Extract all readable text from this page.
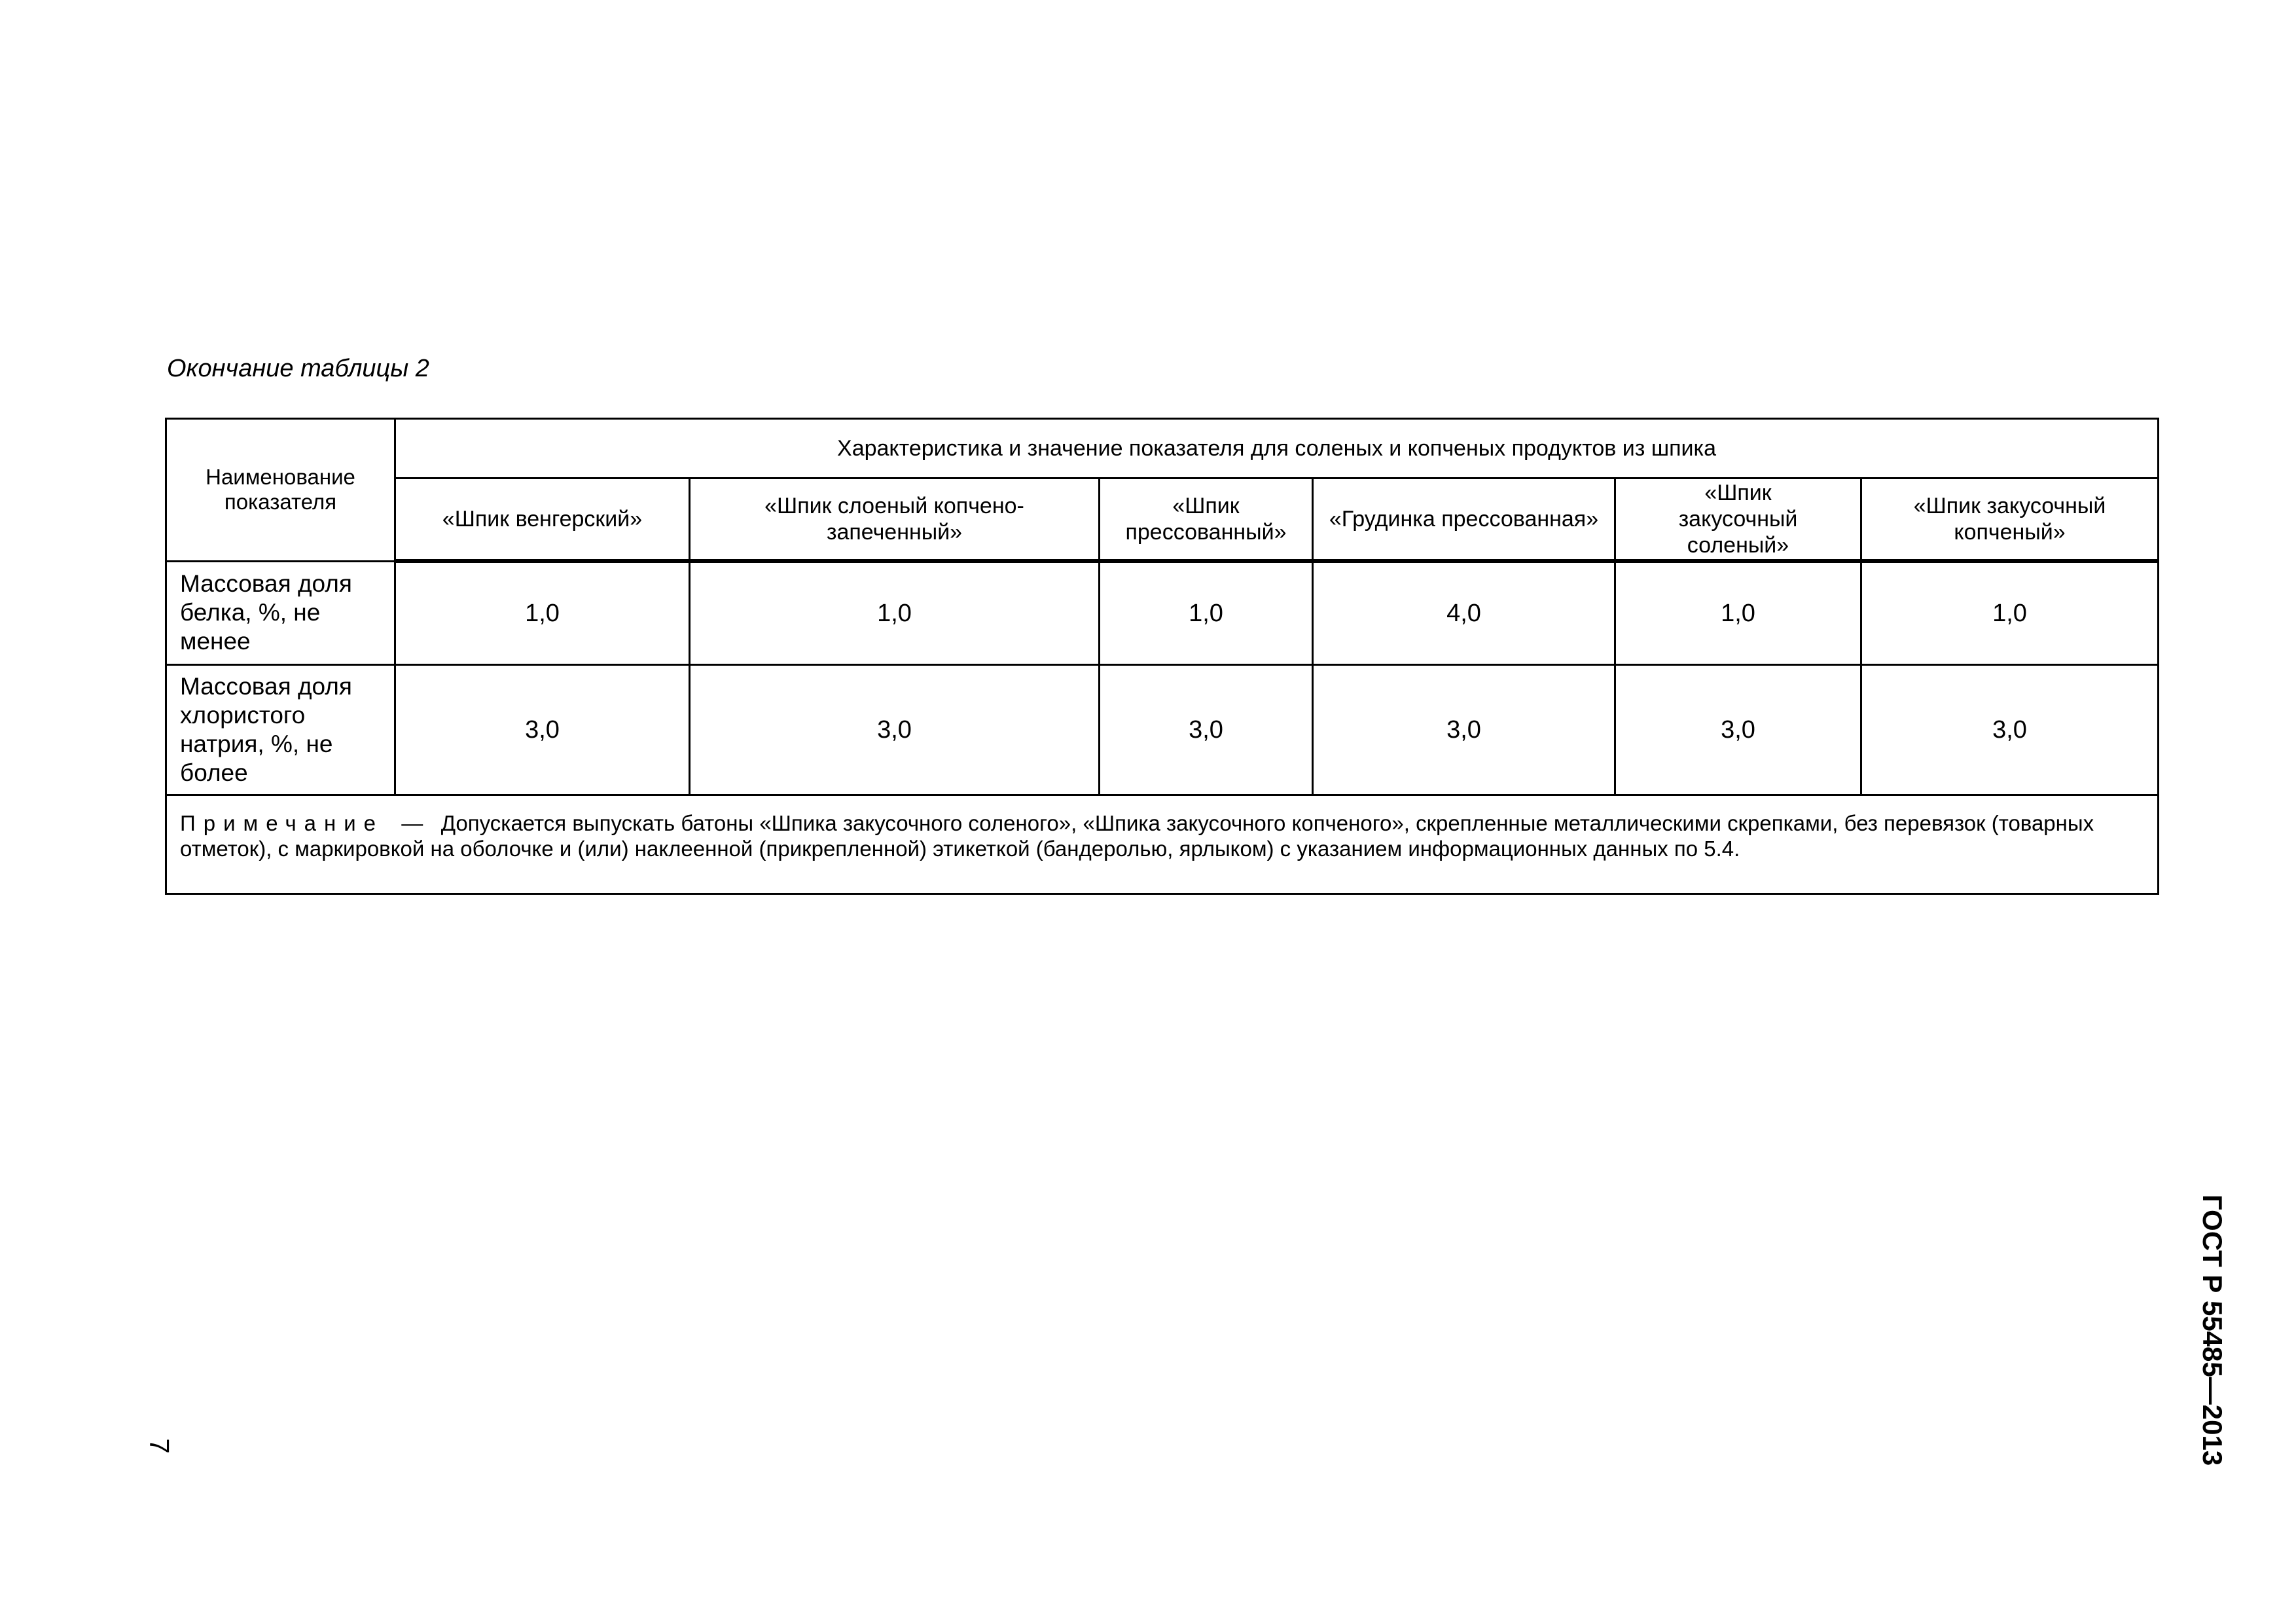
Окончание таблицы 2
Наименование показателя	Характеристика и значение показателя для соленых и копченых продуктов из шпика					
	«Шпик венгерский»	«Шпик слоеный копчено-запеченный»	«Шпик прессованный»	«Грудинка прессованная»	«Шпик закусочный соленый»	«Шпик закусочный копченый»

Массовая доля белка, %, не менее	1,0	1,0	1,0	4,0	1,0	1,0

Массовая доля хлористого натрия, %, не более	3,0	3,0	3,0	3,0	3,0	3,0
Примечание — Допускается выпускать батоны «Шпика закусочного соленого», «Шпика закусочного копченого», скрепленные металлическими скрепками, без перевязок (товарных отметок), с маркировкой на оболочке и (или) наклеенной (прикрепленной) этикеткой (бандеролью, ярлыком) с указанием информационных данных по 5.4.						
7	ГОСТ Р 55485—2013
